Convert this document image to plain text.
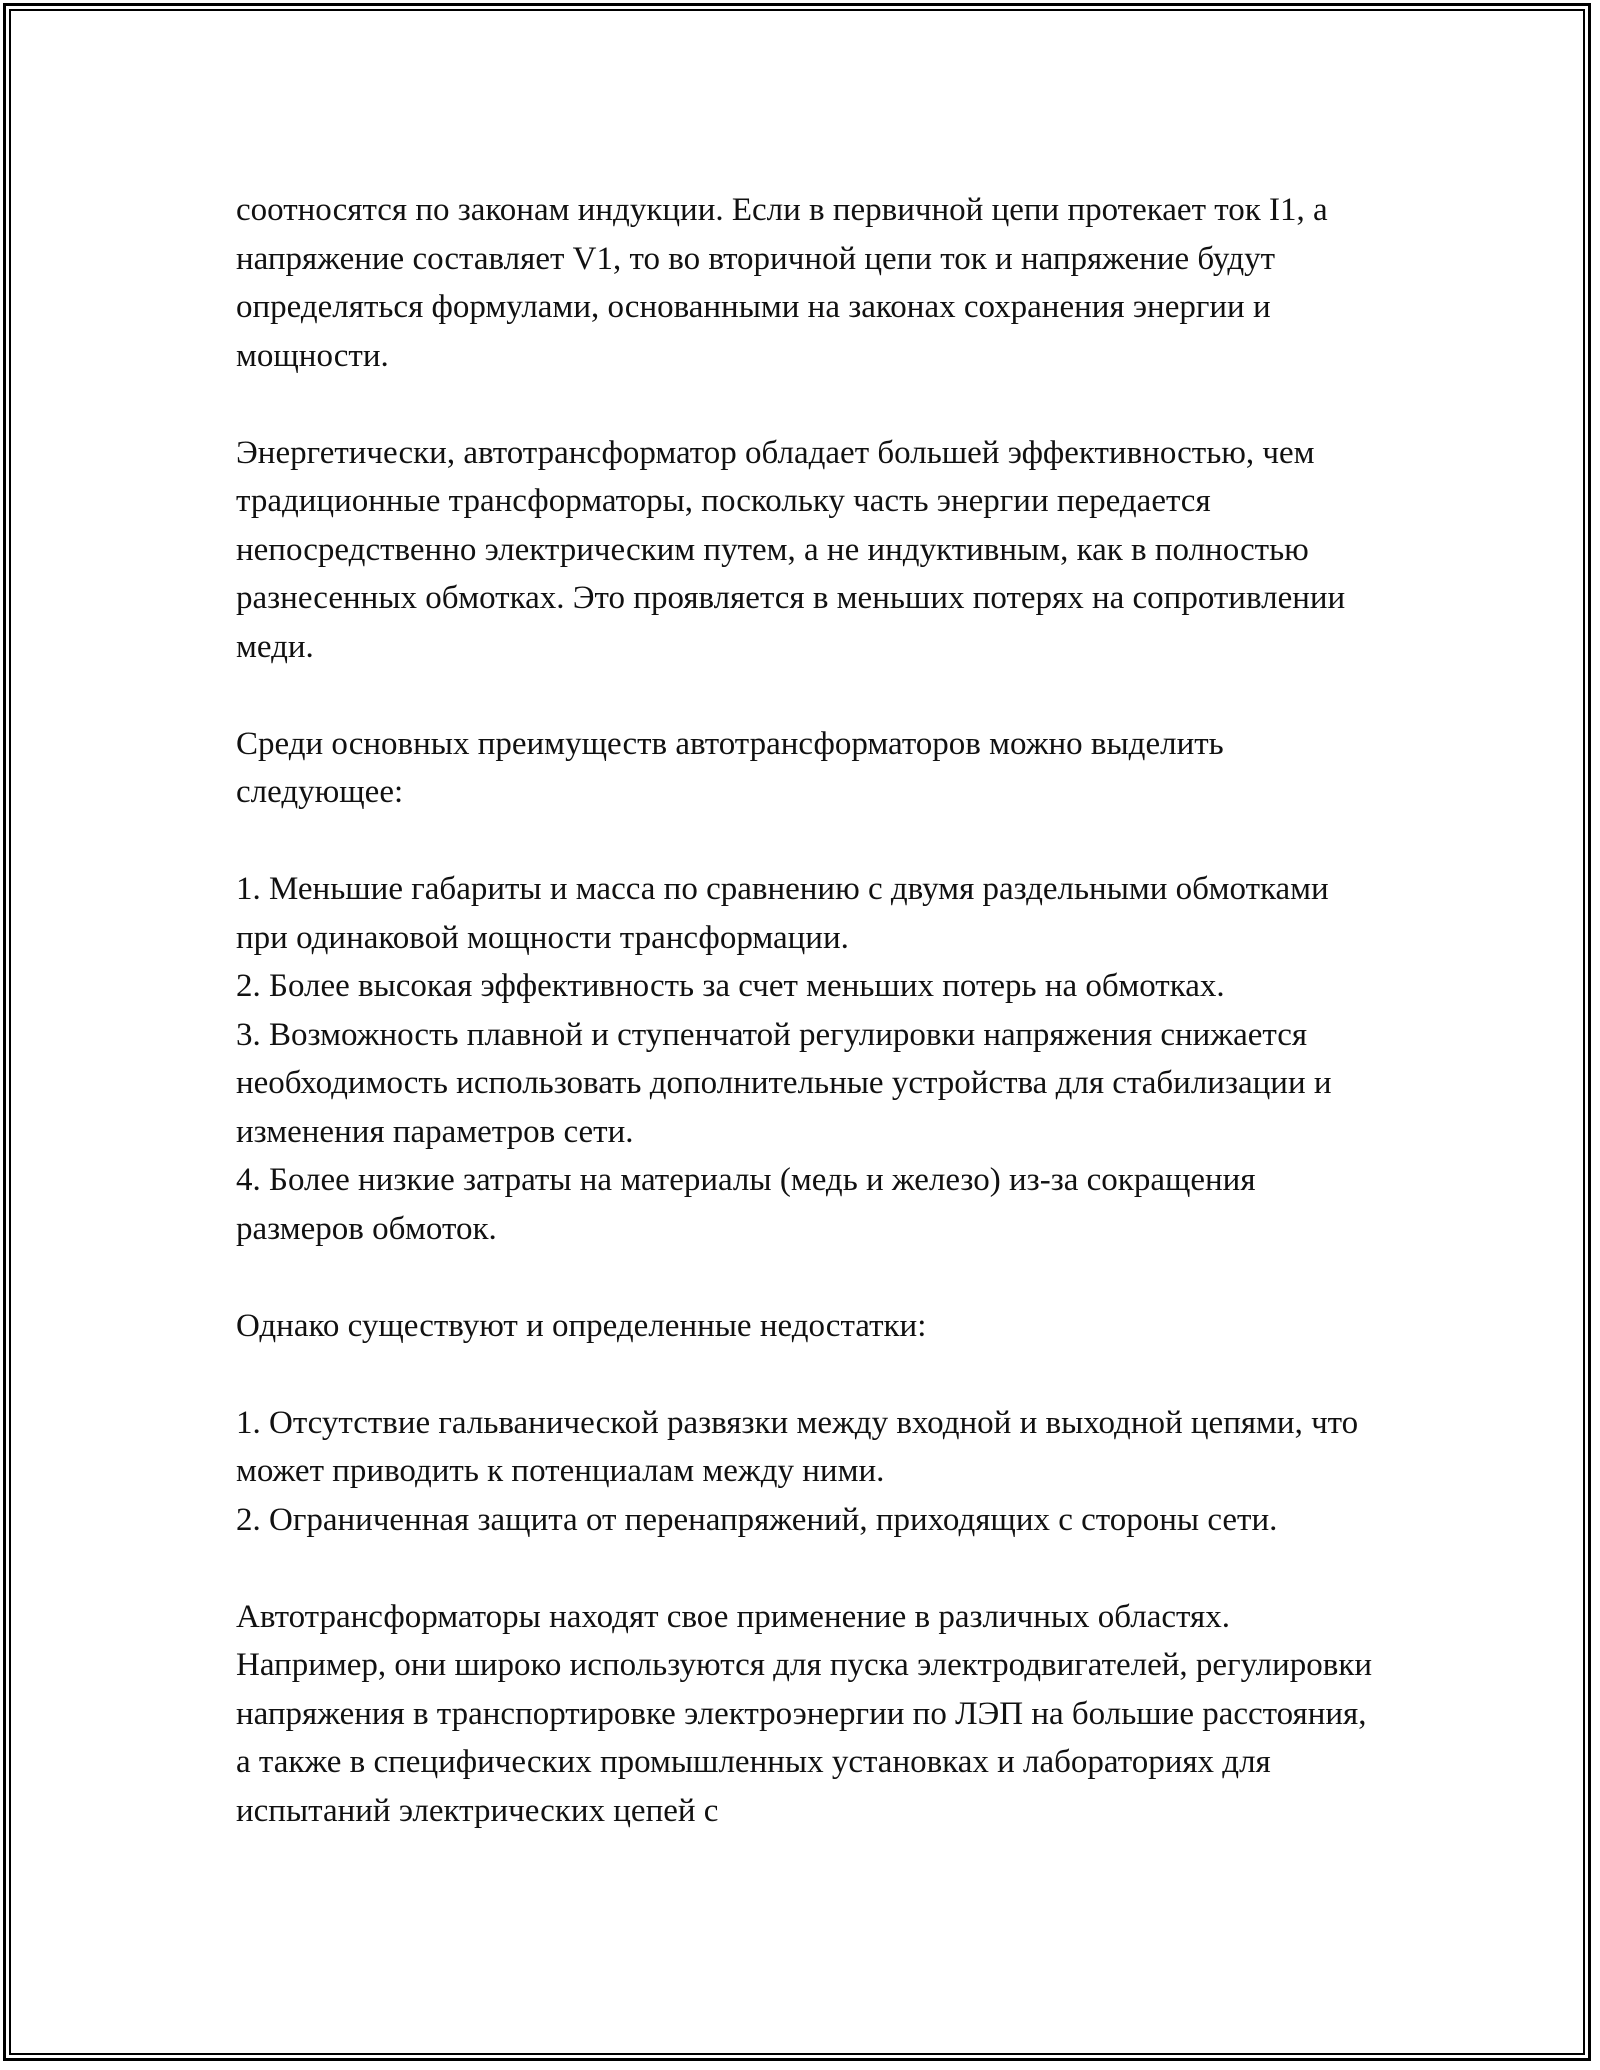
соотносятся по законам индукции. Если в первичной цепи протекает ток I1, а напряжение составляет V1, то во вторичной цепи ток и напряжение будут определяться формулами, основанными на законах сохранения энергии и мощности.

Энергетически, автотрансформатор обладает большей эффективностью, чем традиционные трансформаторы, поскольку часть энергии передается непосредственно электрическим путем, а не индуктивным, как в полностью разнесенных обмотках. Это проявляется в меньших потерях на сопротивлении меди.

Среди основных преимуществ автотрансформаторов можно выделить следующее:

1. Меньшие габариты и масса по сравнению с двумя раздельными обмотками при одинаковой мощности трансформации.

2. Более высокая эффективность за счет меньших потерь на обмотках.

3. Возможность плавной и ступенчатой регулировки напряжения снижается необходимость использовать дополнительные устройства для стабилизации и изменения параметров сети.

4. Более низкие затраты на материалы (медь и железо) из-за сокращения размеров обмоток.

Однако существуют и определенные недостатки:

1. Отсутствие гальванической развязки между входной и выходной цепями, что может приводить к потенциалам между ними.

2. Ограниченная защита от перенапряжений, приходящих с стороны сети.

Автотрансформаторы находят свое применение в различных областях. Например, они широко используются для пуска электродвигателей, регулировки напряжения в транспортировке электроэнергии по ЛЭП на большие расстояния, а также в специфических промышленных установках и лабораториях для испытаний электрических цепей с
